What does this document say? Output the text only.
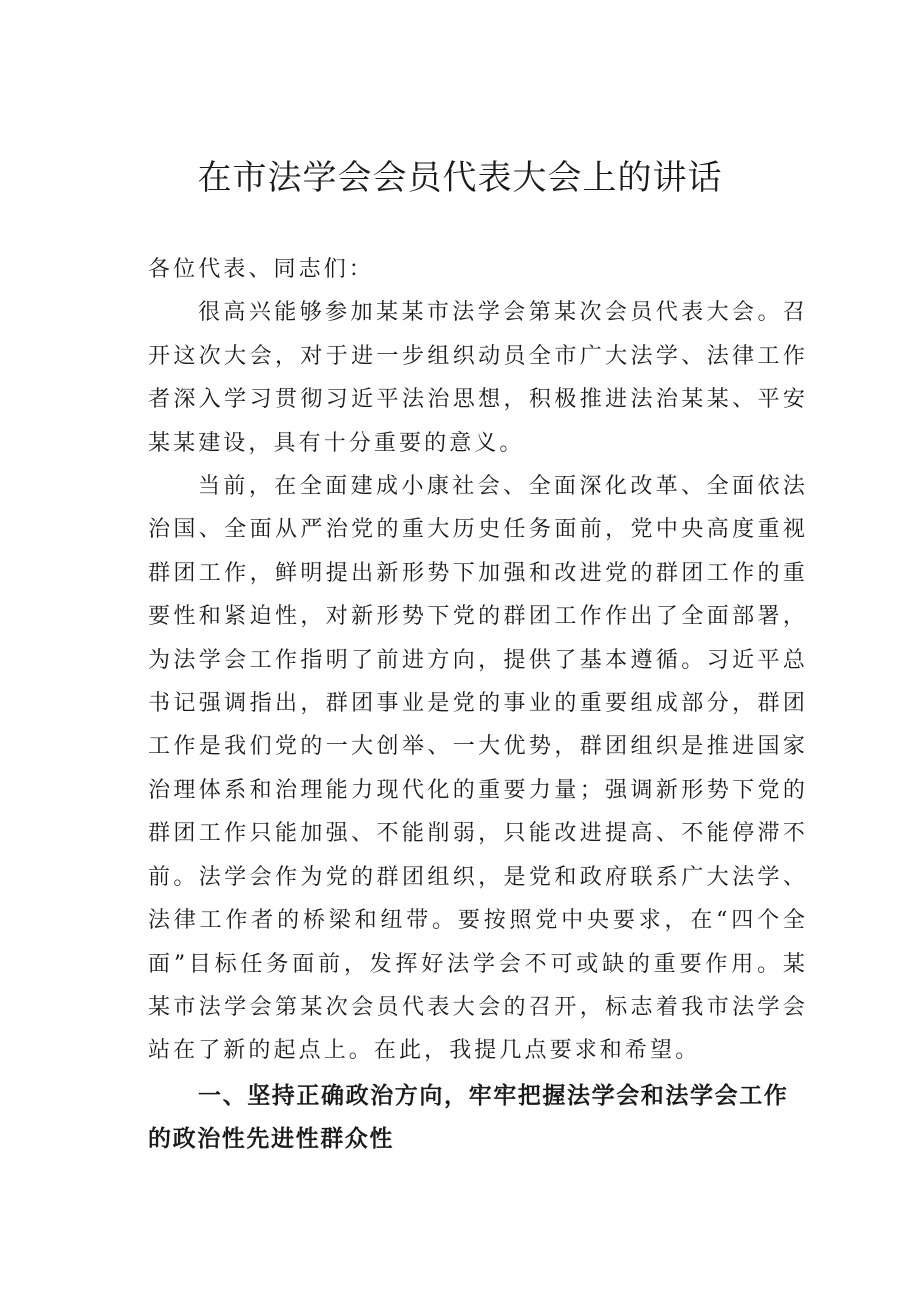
在市法学会会员代表大会上的讲话

各位代表、同志们：

很高兴能够参加某某市法学会第某次会员代表大会。召开这次大会，对于进一步组织动员全市广大法学、法律工作者深入学习贯彻习近平法治思想，积极推进法治某某、平安某某建设，具有十分重要的意义。

当前，在全面建成小康社会、全面深化改革、全面依法治国、全面从严治党的重大历史任务面前，党中央高度重视群团工作，鲜明提出新形势下加强和改进党的群团工作的重要性和紧迫性，对新形势下党的群团工作作出了全面部署，为法学会工作指明了前进方向，提供了基本遵循。习近平总书记强调指出，群团事业是党的事业的重要组成部分，群团工作是我们党的一大创举、一大优势，群团组织是推进国家治理体系和治理能力现代化的重要力量；强调新形势下党的群团工作只能加强、不能削弱，只能改进提高、不能停滞不前。法学会作为党的群团组织，是党和政府联系广大法学、法律工作者的桥梁和纽带。要按照党中央要求，在“四个全面”目标任务面前，发挥好法学会不可或缺的重要作用。某某市法学会第某次会员代表大会的召开，标志着我市法学会站在了新的起点上。在此，我提几点要求和希望。

一、坚持正确政治方向，牢牢把握法学会和法学会工作的政治性先进性群众性
